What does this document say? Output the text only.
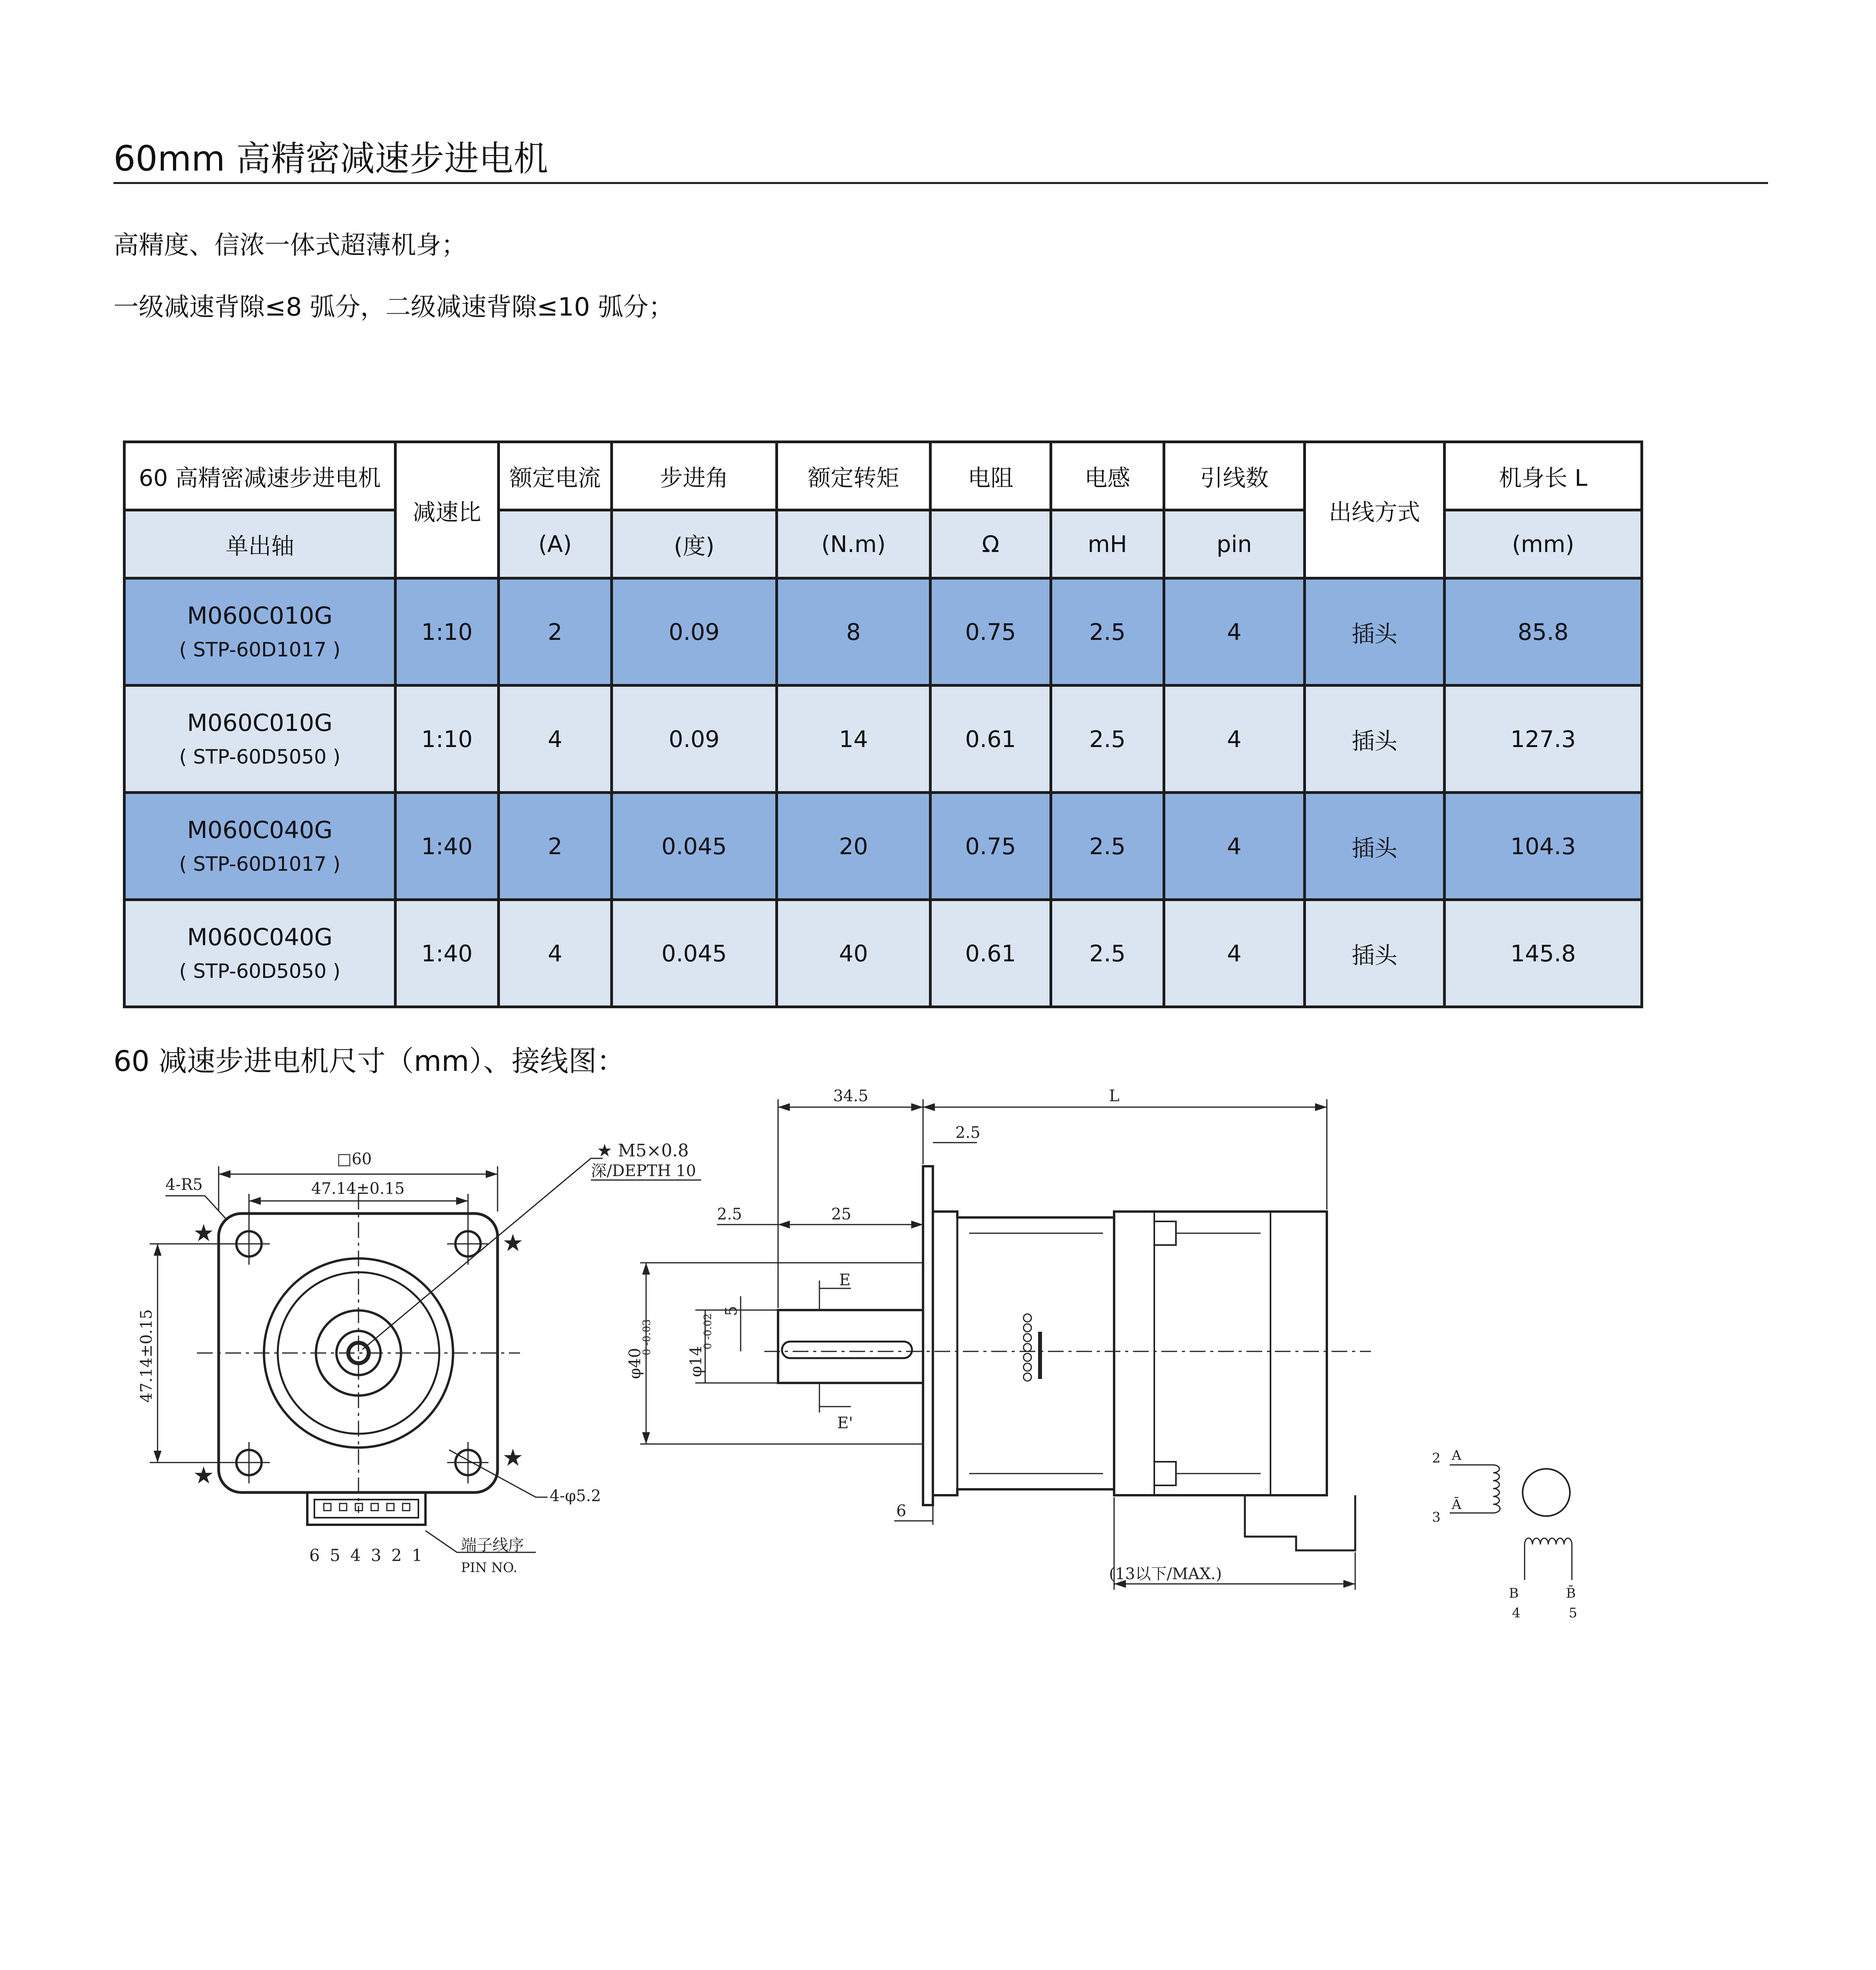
60mm 高精密减速步进电机
高精度、信浓一体式超薄机身；
一级减速背隙≤8 弧分，二级减速背隙≤10 弧分；
60 高精密减速步进电机	减速比	额定电流	步进角	额定转矩	电阻	电感	引线数	出线方式	机身长 L
单出轴		(A)	(度)	(N.m)	Ω	mH	pin		(mm)

M060C010G
( STP-60D1017 )	1:10	2	0.09	8	0.75	2.5	4	插头	85.8

M060C010G
( STP-60D5050 )	1:10	4	0.09	14	0.61	2.5	4	插头	127.3

M060C040G
( STP-60D1017 )	1:40	2	0.045	20	0.75	2.5	4	插头	104.3

M060C040G
( STP-60D5050 )	1:40	4	0.045	40	0.61	2.5	4	插头	145.8
60 减速步进电机尺寸（mm）、接线图：
★	★
★
★
□60
47.14±0.15
47.14±0.15
4-R5
★ M5×0.8
深/DEPTH 10
4-φ5.2
6 5 4 3 2 1
端子线序
PIN NO.
34.5	L
2.5
2.5	25
5
E
E'
φ40
0 -0.03
φ14
0 -0.02
6
(13以下/MAX.)
2
3
A
Ā
B	B̄
4	5
